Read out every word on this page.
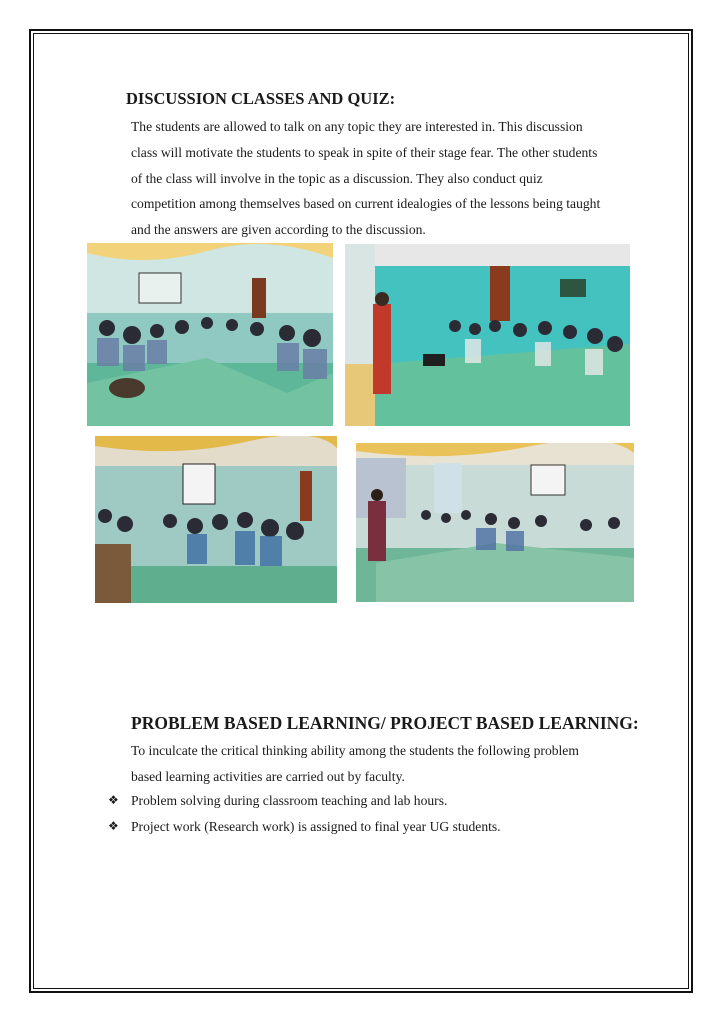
DISCUSSION CLASSES AND QUIZ:
The students are allowed to talk on any topic they are interested in. This discussion
class will motivate the students to speak in spite of their stage fear. The other students
of the class will involve in the topic as a discussion. They also conduct quiz
competition among themselves based on current idealogies of the lessons being taught
and the answers are given according to the discussion.
PROBLEM BASED LEARNING/ PROJECT BASED LEARNING:
To inculcate the critical thinking ability among the students the following problem
based learning activities are carried out by faculty.
❖ Problem solving during classroom teaching and lab hours.
❖ Project work (Research work) is assigned to final year UG students.
